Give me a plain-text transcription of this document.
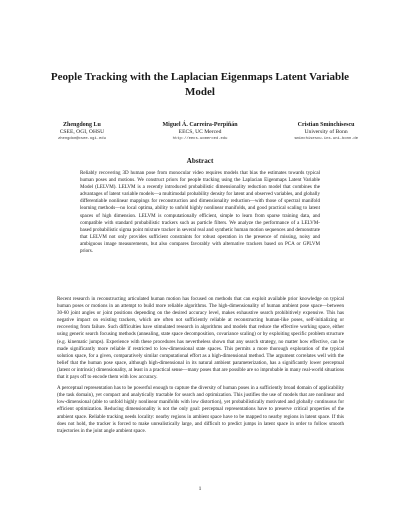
People Tracking with the Laplacian Eigenmaps Latent Variable Model
Zhengdong Lu
CSEE, OGI, OHSU
zhengdon@csee.ogi.edu
Miguel Á. Carreira-Perpiñán
EECS, UC Merced
http://eecs.ucmerced.edu
Cristian Sminchisescu
University of Bonn
sminchisescu.ins.uni-bonn.de
Abstract
Reliably recovering 3D human pose from monocular video requires models that bias the estimates towards typical human poses and motions. We construct priors for people tracking using the Laplacian Eigenmaps Latent Variable Model (LELVM). LELVM is a recently introduced probabilistic dimensionality reduction model that combines the advantages of latent variable models—a multimodal probability density for latent and observed variables, and globally differentiable nonlinear mappings for reconstruction and dimensionality reduction—with those of spectral manifold learning methods—no local optima, ability to unfold highly nonlinear manifolds, and good practical scaling to latent spaces of high dimension. LELVM is computationally efficient, simple to learn from sparse training data, and compatible with standard probabilistic trackers such as particle filters. We analyze the performance of a LELVM-based probabilistic sigma point mixture tracker in several real and synthetic human motion sequences and demonstrate that LELVM not only provides sufficient constraints for robust operation in the presence of missing, noisy and ambiguous image measurements, but also compares favorably with alternative trackers based on PCA or GPLVM priors.

Recent research in reconstructing articulated human motion has focused on methods that can exploit available prior knowledge on typical human poses or motions in an attempt to build more reliable algorithms. The high-dimensionality of human ambient pose space—between 30-60 joint angles or joint positions depending on the desired accuracy level, makes exhaustive search prohibitively expensive. This has negative impact on existing trackers, which are often not sufficiently reliable at reconstructing human-like poses, self-initializing or recovering from failure. Such difficulties have stimulated research in algorithms and models that reduce the effective working space, either using generic search focusing methods (annealing, state space decomposition, covariance scaling) or by exploiting specific problem structure (e.g. kinematic jumps). Experience with these procedures has nevertheless shown that any search strategy, no matter how effective, can be made significantly more reliable if restricted to low-dimensional state spaces. This permits a more thorough exploration of the typical solution space, for a given, comparatively similar computational effort as a high-dimensional method. The argument correlates well with the belief that the human pose space, although high-dimensional in its natural ambient parameterization, has a significantly lower perceptual (latent or intrinsic) dimensionality, at least in a practical sense—many poses that are possible are so improbable in many real-world situations that it pays off to encode them with low accuracy.

A perceptual representation has to be powerful enough to capture the diversity of human poses in a sufficiently broad domain of applicability (the task domain), yet compact and analytically tractable for search and optimization. This justifies the use of models that are nonlinear and low-dimensional (able to unfold highly nonlinear manifolds with low distortion), yet probabilistically motivated and globally continuous for efficient optimization. Reducing dimensionality is not the only goal: perceptual representations have to preserve critical properties of the ambient space. Reliable tracking needs locality: nearby regions in ambient space have to be mapped to nearby regions in latent space. If this does not hold, the tracker is forced to make unrealistically large, and difficult to predict jumps in latent space in order to follow smooth trajectories in the joint angle ambient space.

1
